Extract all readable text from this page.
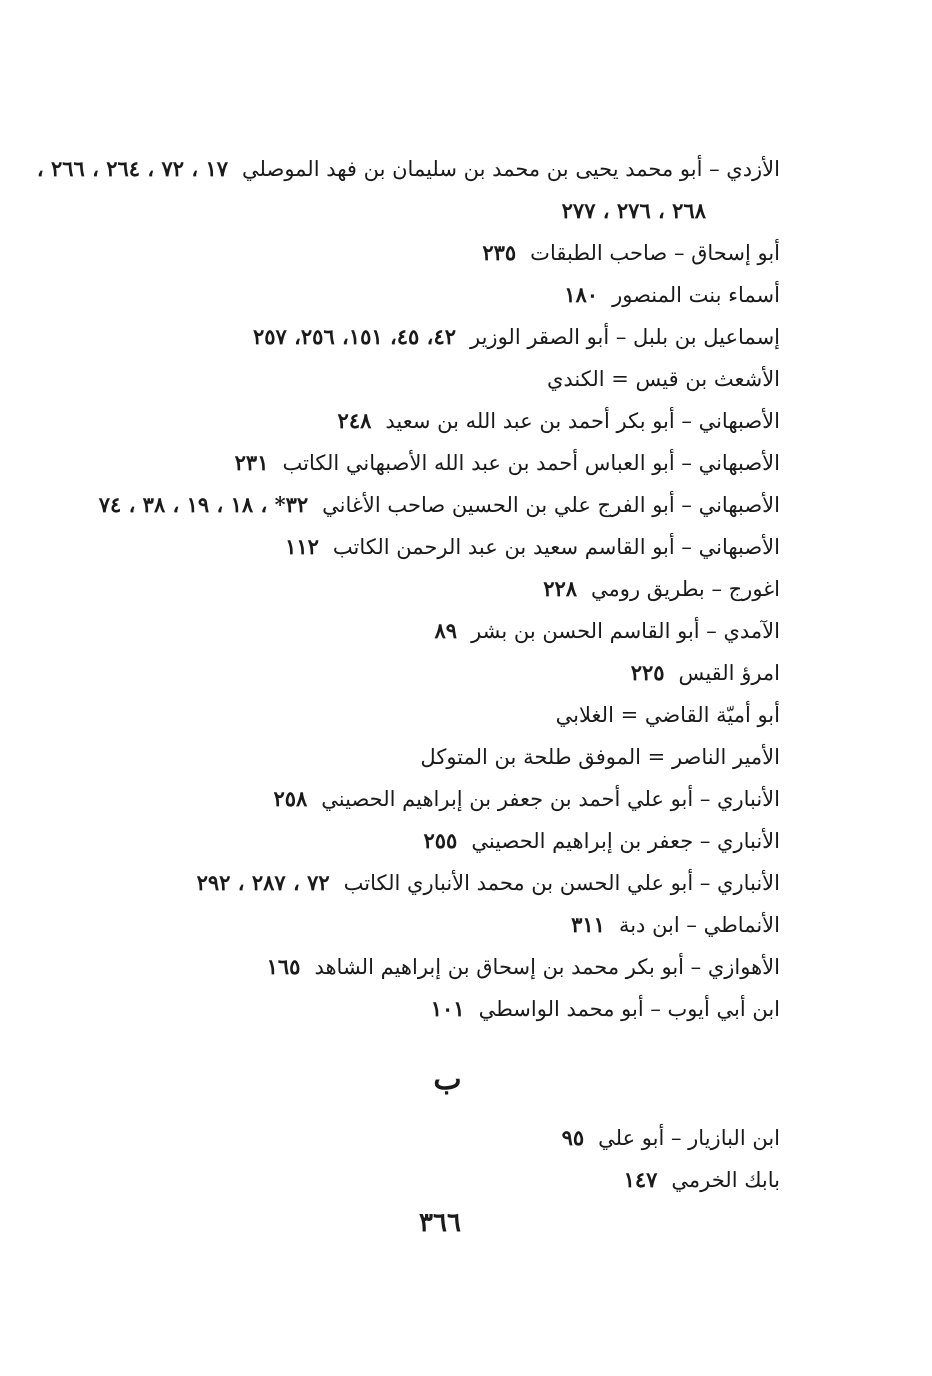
الأزدي – أبو محمد يحيى بن محمد بن سليمان بن فهد الموصلي١٧ ، ٧٢ ، ٢٦٤ ، ٢٦٦ ،
٢٦٨ ، ٢٧٦ ، ٢٧٧
أبو إسحاق – صاحب الطبقات٢٣٥
أسماء بنت المنصور١٨٠
إسماعيل بن بلبل – أبو الصقر الوزير٤٢، ٤٥، ١٥١، ٢٥٦، ٢٥٧
الأشعث بن قيس = الكندي
الأصبهاني – أبو بكر أحمد بن عبد الله بن سعيد٢٤٨
الأصبهاني – أبو العباس أحمد بن عبد الله الأصبهاني الكاتب٢٣١
الأصبهاني – أبو الفرج علي بن الحسين صاحب الأغاني٣٢* ، ١٨ ، ١٩ ، ٣٨ ، ٧٤
الأصبهاني – أبو القاسم سعيد بن عبد الرحمن الكاتب١١٢
اغورج – بطريق رومي٢٢٨
الآمدي – أبو القاسم الحسن بن بشر٨٩
امرؤ القيس٢٢٥
أبو أميّة القاضي = الغلابي
الأمير الناصر = الموفق طلحة بن المتوكل
الأنباري – أبو علي أحمد بن جعفر بن إبراهيم الحصيني٢٥٨
الأنباري – جعفر بن إبراهيم الحصيني٢٥٥
الأنباري – أبو علي الحسن بن محمد الأنباري الكاتب٧٢ ، ٢٨٧ ، ٢٩٢
الأنماطي – ابن دبة٣١١
الأهوازي – أبو بكر محمد بن إسحاق بن إبراهيم الشاهد١٦٥
ابن أبي أيوب – أبو محمد الواسطي١٠١
ب
ابن البازيار – أبو علي٩٥
بابك الخرمي١٤٧
٣٦٦
